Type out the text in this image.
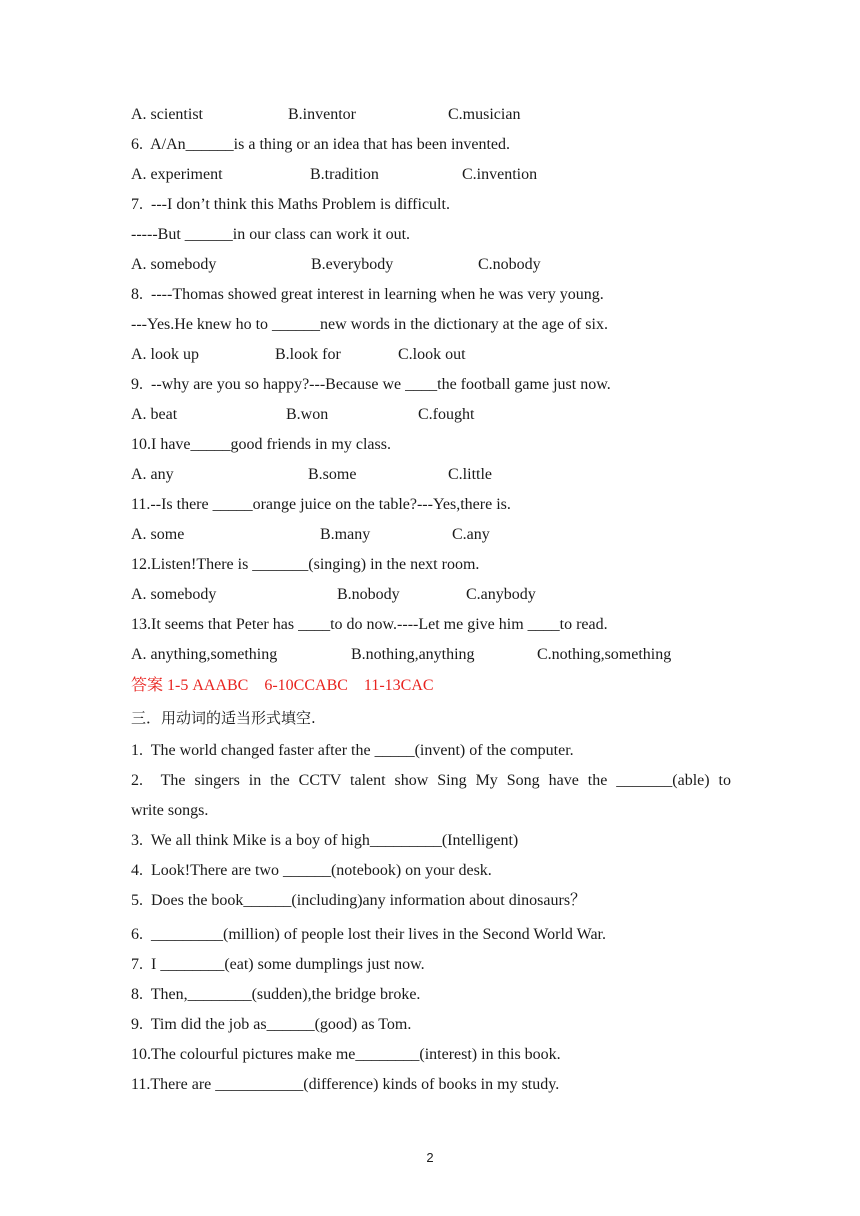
A. scientist	B.inventor	C.musician
6.  A/An______is a thing or an idea that has been invented.
A. experiment	B.tradition	C.invention
7.  ---I don’t think this Maths Problem is difficult.
-----But ______in our class can work it out.
A. somebody	B.everybody	C.nobody
8.  ----Thomas showed great interest in learning when he was very young.
---Yes.He knew ho to ______new words in the dictionary at the age of six.
A. look up	B.look for	C.look out
9.  --why are you so happy?---Because we ____the football game just now.
A. beat	B.won	C.fought
10.I have_____good friends in my class.
A. any	B.some	C.little
11.--Is there _____orange juice on the table?---Yes,there is.
A. some	B.many	C.any
12.Listen!There is _______(singing) in the next room.
A. somebody	B.nobody	C.anybody
13.It seems that Peter has ____to do now.----Let me give him ____to read.
A. anything,something	B.nothing,anything	C.nothing,something
答案 1-5 AAABC    6-10CCABC    11-13CAC
三．用动词的适当形式填空.
1.  The world changed faster after the _____(invent) of the computer.
2.  The singers in the CCTV talent show Sing My Song have the _______(able) to
write songs.
3.  We all think Mike is a boy of high_________(Intelligent)
4.  Look!There are two ______(notebook) on your desk.
5.  Does the book______(including)any information about dinosaurs？
6.  _________(million) of people lost their lives in the Second World War.
7.  I ________(eat) some dumplings just now.
8.  Then,________(sudden),the bridge broke.
9.  Tim did the job as______(good) as Tom.
10.The colourful pictures make me________(interest) in this book.
11.There are ___________(difference) kinds of books in my study.
2
